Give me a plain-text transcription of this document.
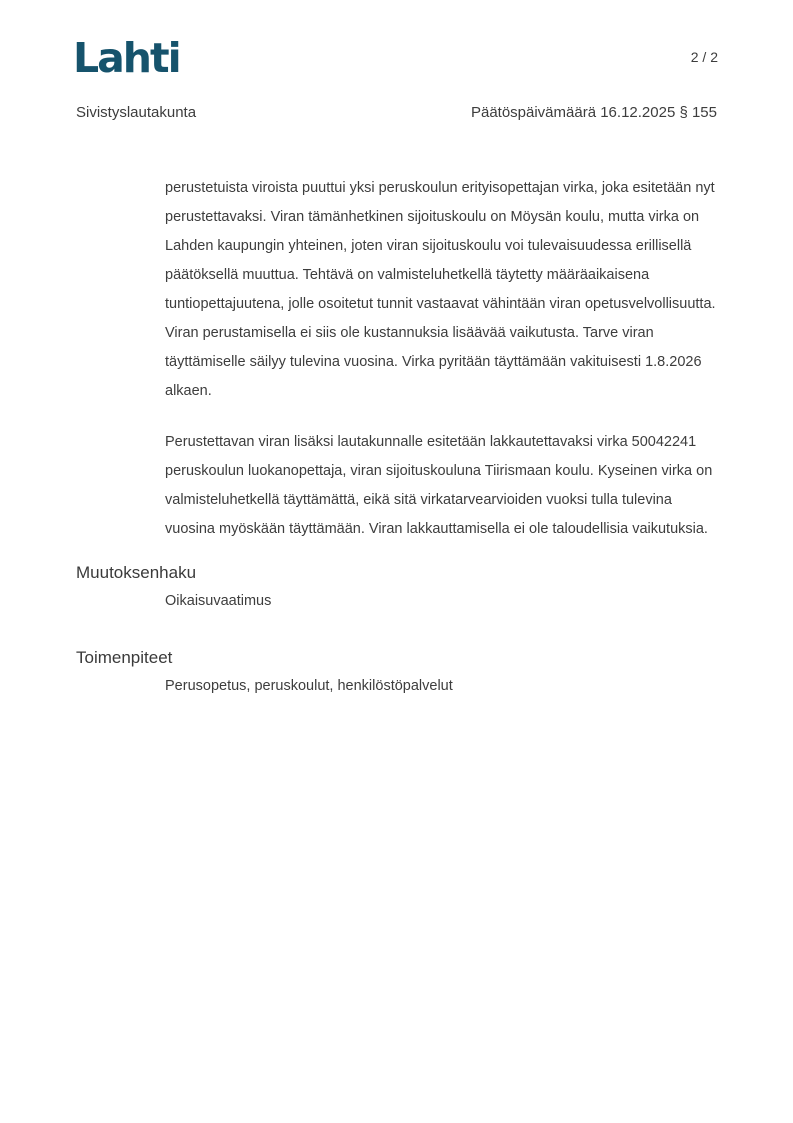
Lahti	2 / 2
Sivistyslautakunta	Päätöspäivämäärä 16.12.2025 § 155

perustetuista viroista puuttui yksi peruskoulun erityisopettajan virka, joka esitetään nyt perustettavaksi. Viran tämänhetkinen sijoituskoulu on Möysän koulu, mutta virka on Lahden kaupungin yhteinen, joten viran sijoituskoulu voi tulevaisuudessa erillisellä päätöksellä muuttua. Tehtävä on valmisteluhetkellä täytetty määräaikaisena tuntiopettajuutena, jolle osoitetut tunnit vastaavat vähintään viran opetusvelvollisuutta. Viran perustamisella ei siis ole kustannuksia lisäävää vaikutusta. Tarve viran täyttämiselle säilyy tulevina vuosina. Virka pyritään täyttämään vakituisesti 1.8.2026 alkaen.

Perustettavan viran lisäksi lautakunnalle esitetään lakkautettavaksi virka 50042241 peruskoulun luokanopettaja, viran sijoituskouluna Tiirismaan koulu. Kyseinen virka on valmisteluhetkellä täyttämättä, eikä sitä virkatarvearvioiden vuoksi tulla tulevina vuosina myöskään täyttämään. Viran lakkauttamisella ei ole taloudellisia vaikutuksia.

Muutoksenhaku

Oikaisuvaatimus

Toimenpiteet

Perusopetus, peruskoulut, henkilöstöpalvelut
